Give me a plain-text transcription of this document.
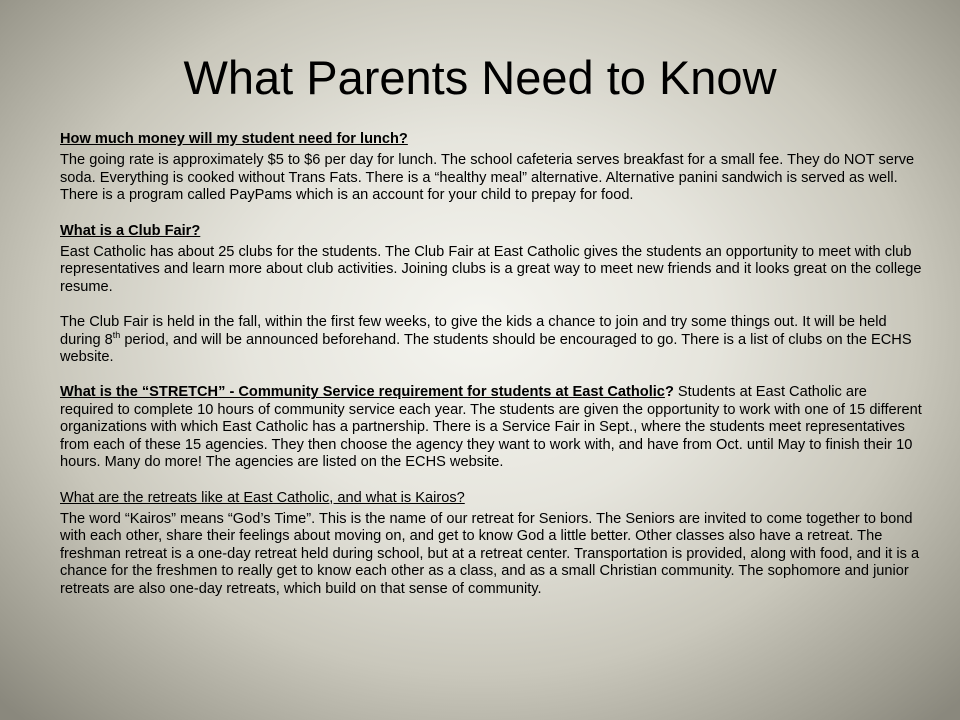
What Parents Need to Know

How much money will my student need for lunch?

The going rate is approximately $5 to $6 per day for lunch. The school cafeteria serves breakfast for a small fee. They do NOT serve soda. Everything is cooked without Trans Fats. There is a “healthy meal” alternative. Alternative panini sandwich is served as well. There is a program called PayPams which is an account for your child to prepay for food.

What is a Club Fair?

East Catholic has about 25 clubs for the students. The Club Fair at East Catholic gives the students an opportunity to meet with club representatives and learn more about club activities. Joining clubs is a great way to meet new friends and it looks great on the college resume.

The Club Fair is held in the fall, within the first few weeks, to give the kids a chance to join and try some things out. It will be held during 8th period, and will be announced beforehand. The students should be encouraged to go. There is a list of clubs on the ECHS website.

What is the “STRETCH” - Community Service requirement for students at East Catholic? Students at East Catholic are required to complete 10 hours of community service each year. The students are given the opportunity to work with one of 15 different organizations with which East Catholic has a partnership. There is a Service Fair in Sept., where the students meet representatives from each of these 15 agencies. They then choose the agency they want to work with, and have from Oct. until May to finish their 10 hours. Many do more! The agencies are listed on the ECHS website.

What are the retreats like at East Catholic, and what is Kairos?

The word “Kairos” means “God’s Time”. This is the name of our retreat for Seniors. The Seniors are invited to come together to bond with each other, share their feelings about moving on, and get to know God a little better. Other classes also have a retreat. The freshman retreat is a one-day retreat held during school, but at a retreat center. Transportation is provided, along with food, and it is a chance for the freshmen to really get to know each other as a class, and as a small Christian community. The sophomore and junior retreats are also one-day retreats, which build on that sense of community.
